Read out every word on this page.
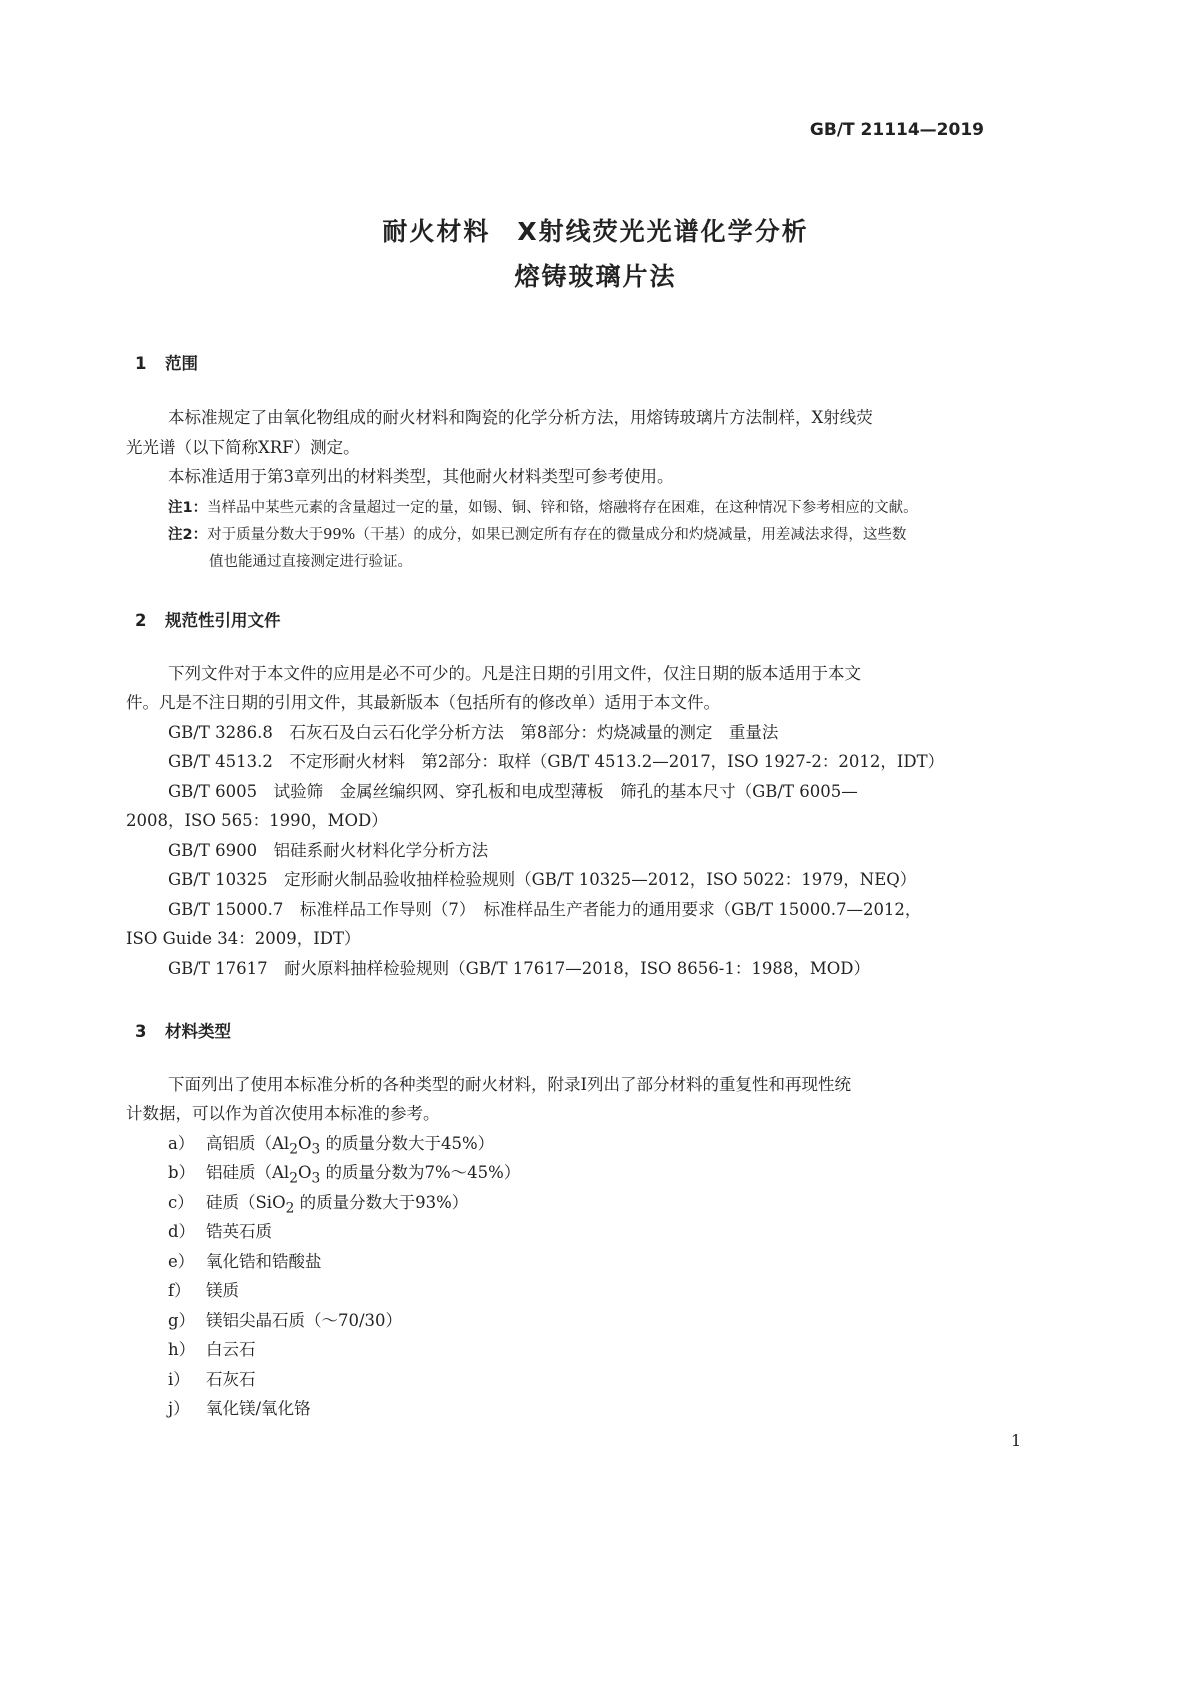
GB/T 21114—2019
耐火材料　X射线荧光光谱化学分析
熔铸玻璃片法
1 范围
本标准规定了由氧化物组成的耐火材料和陶瓷的化学分析方法，用熔铸玻璃片方法制样，X射线荧
光光谱（以下简称XRF）测定。
本标准适用于第3章列出的材料类型，其他耐火材料类型可参考使用。
注1：当样品中某些元素的含量超过一定的量，如锡、铜、锌和铬，熔融将存在困难，在这种情况下参考相应的文献。
注2：对于质量分数大于99%（干基）的成分，如果已测定所有存在的微量成分和灼烧减量，用差减法求得，这些数
值也能通过直接测定进行验证。
2 规范性引用文件
下列文件对于本文件的应用是必不可少的。凡是注日期的引用文件，仅注日期的版本适用于本文
件。凡是不注日期的引用文件，其最新版本（包括所有的修改单）适用于本文件。
GB/T 3286.8　石灰石及白云石化学分析方法　第8部分：灼烧减量的测定　重量法
GB/T 4513.2　不定形耐火材料　第2部分：取样（GB/T 4513.2—2017，ISO 1927-2：2012，IDT）
GB/T 6005　试验筛　金属丝编织网、穿孔板和电成型薄板　筛孔的基本尺寸（GB/T 6005—
2008，ISO 565：1990，MOD）
GB/T 6900　铝硅系耐火材料化学分析方法
GB/T 10325　定形耐火制品验收抽样检验规则（GB/T 10325—2012，ISO 5022：1979，NEQ）
GB/T 15000.7　标准样品工作导则（7）　标准样品生产者能力的通用要求（GB/T 15000.7—2012，
ISO Guide 34：2009，IDT）
GB/T 17617　耐火原料抽样检验规则（GB/T 17617—2018，ISO 8656-1：1988，MOD）
3 材料类型
下面列出了使用本标准分析的各种类型的耐火材料，附录I列出了部分材料的重复性和再现性统
计数据，可以作为首次使用本标准的参考。
a） 高铝质（$Al_2O_3$ 的质量分数大于45%）
b） 铝硅质（$Al_2O_3$ 的质量分数为7%～45%）
c） 硅质（SiO$_2$ 的质量分数大于93%）
d） 锆英石质
e） 氧化锆和锆酸盐
f） 镁质
g） 镁铝尖晶石质（～70/30）
h） 白云石
i） 石灰石
j） 氧化镁/氧化铬
1
